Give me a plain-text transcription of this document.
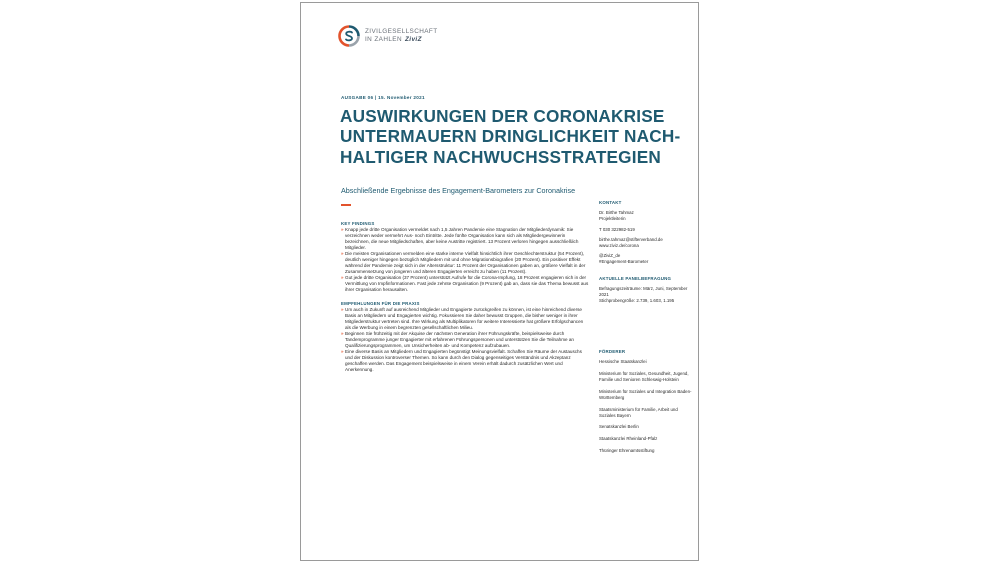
ZIVILGESELLSCHAFT
IN ZAHLEN ZiviZ
AUSGABE 06 | 15. November 2021
AUSWIRKUNGEN DER CORONAKRISE UNTERMAUERN DRINGLICHKEIT NACH-HALTIGER NACHWUCHSSTRATEGIEN
Abschließende Ergebnisse des Engagement-Barometers zur Coronakrise
KEY FINDINGS
» Knapp jede dritte Organisation vermeldet nach 1,5 Jahren Pandemie eine Stagnation der Mitgliederdynamik: Sie verzeichnen weder vermehrt Aus- noch Eintritte. Jede fünfte Organisation kann sich als Mitgliedergewinnerin bezeichnen, die neue Mitgliedschaften, aber keine Austritte registriert. 13 Prozent verloren hingegen ausschließlich Mitglieder.
» Die meisten Organisationen vermelden eine starke interne Vielfalt hinsichtlich ihrer Geschlechterstruktur (54 Prozent), deutlich weniger hingegen bezüglich Mitgliedern mit und ohne Migrationsbiografien (20 Prozent). Ein positiver Effekt während der Pandemie zeigt sich in der Altersstruktur: 11 Prozent der Organisationen gaben an, größere Vielfalt in der Zusammensetzung von jüngeren und älteren Engagierten erreicht zu haben (11 Prozent).
» Gut jede dritte Organisation (37 Prozent) unterstützt Aufrufe für die Corona-Impfung, 18 Prozent engagieren sich in der Vermittlung von Impfinformationen. Fast jede zehnte Organisation (9 Prozent) gab an, dass sie das Thema bewusst aus ihrer Organisation herausalten.
EMPFEHLUNGEN FÜR DIE PRAXIS
» Um auch in Zukunft auf ausreichend Mitglieder und Engagierte zurückgreifen zu können, ist eine hinreichend diverse Basis an Mitgliedern und Engagierten wichtig. Fokussieren Sie daher bewusst Gruppen, die bisher weniger in ihrer Mitgliederstruktur vertreten sind. Ihre Wirkung als Multiplikatoren für weitere Interessierte hat größere Erfolgschancen als die Werbung in einem begrenzten gesellschaftlichen Milieu.
» Beginnen Sie frühzeitig mit der Akquise der nächsten Generation ihrer Führungskräfte, beispielsweise durch Tandemprogramme junger Engagierter mit erfahrenen Führungspersonen und unterstützen Sie die Teilnahme an Qualifizierungsprogrammen, um Unsicherheiten ab- und Kompetenz aufzubauen.
» Eine diverse Basis an Mitgliedern und Engagierten begünstigt Meinungsvielfalt. Schaffen Sie Räume der Austauschs und der Diskussion kontroverser Themen. So kann durch den Dialog gegenseitiges Verständnis und Akzeptanz geschaffen werden. Das Engagement beispielsweise in einem Verein erhält dadurch zusätzlichen Wert und Anerkennung.
KONTAKT
Dr. Birthe Tahmaz
Projektleiterin
T 030 322982-519
birthe.tahmaz@stifterverband.de
www.ziviz.de/corona
@ZiviZ_de
#Engagement-Barometer
AKTUELLE PANELBEFRAGUNG
Befragungszeiträume: März, Juni, September 2021
Stichprobengröße: 2.739, 1.603, 1.195
FÖRDERER
Hessische Staatskanzlei
Ministerium für Soziales, Gesundheit, Jugend, Familie und Senioren Schleswig-Holstein
Ministerium für Soziales und Integration Baden-Württemberg
Staatsministerium für Familie, Arbeit und Soziales Bayern
Senatskanzlei Berlin
Staatskanzlei Rheinland-Pfalz
Thüringer Ehrenamtsstiftung
